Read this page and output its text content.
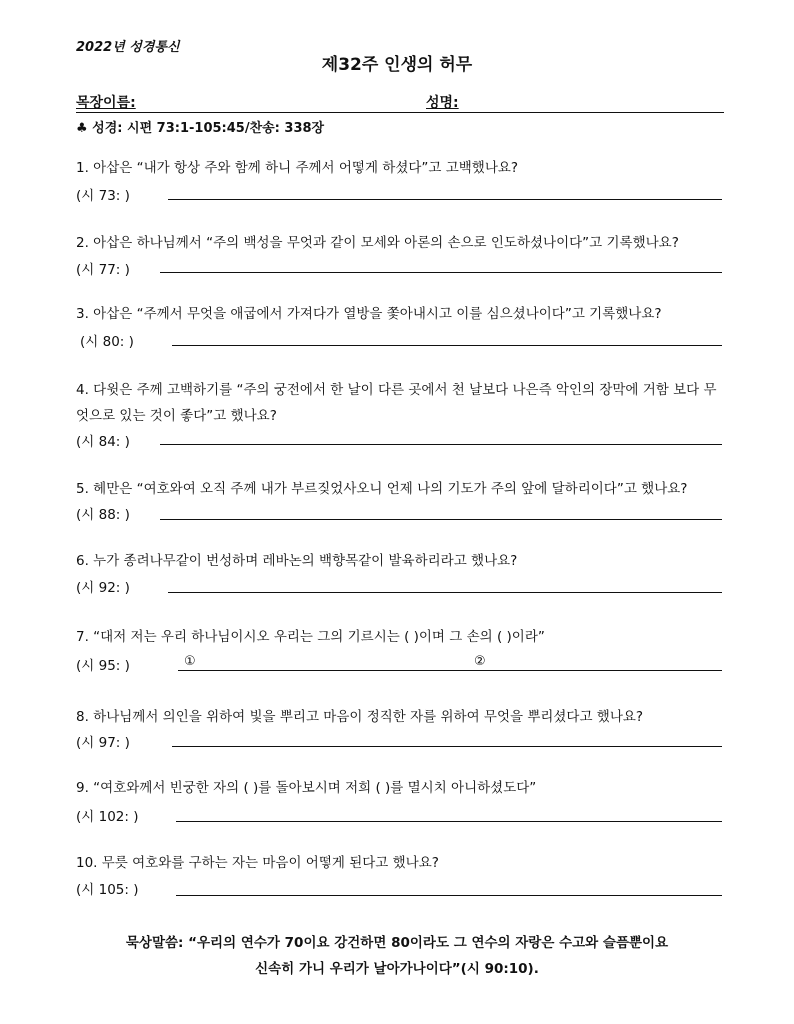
2022년 성경통신
제32주 인생의 허무
목장이름:	성명:
♣ 성경: 시편 73:1-105:45/찬송: 338장
1. 아삽은 “내가 항상 주와 함께 하니 주께서 어떻게 하셨다”고 고백했나요?
(시 73: )
2. 아삽은 하나님께서 “주의 백성을 무엇과 같이 모세와 아론의 손으로 인도하셨나이다”고 기록했나요?
(시 77: )
3. 아삽은 “주께서 무엇을 애굽에서 가져다가 열방을 쫓아내시고 이를 심으셨나이다”고 기록했나요?
(시 80: )
4. 다윗은 주께 고백하기를 “주의 궁전에서 한 날이 다른 곳에서 천 날보다 나은즉 악인의 장막에 거함 보다 무엇으로 있는 것이 좋다”고 했나요?
(시 84: )
5. 헤만은 “여호와여 오직 주께 내가 부르짖었사오니 언제 나의 기도가 주의 앞에 달하리이다”고 했나요?
(시 88: )
6. 누가 종려나무같이 번성하며 레바논의 백향목같이 발육하리라고 했나요?
(시 92: )
7. “대저 저는 우리 하나님이시오 우리는 그의 기르시는 ( )이며 그 손의 ( )이라”
(시 95: )	①	②
8. 하나님께서 의인을 위하여 빛을 뿌리고 마음이 정직한 자를 위하여 무엇을 뿌리셨다고 했나요?
(시 97: )
9. “여호와께서 빈궁한 자의 ( )를 돌아보시며 저희 ( )를 멸시치 아니하셨도다”
(시 102: )
10. 무릇 여호와를 구하는 자는 마음이 어떻게 된다고 했나요?
(시 105: )
묵상말씀: “우리의 연수가 70이요 강건하면 80이라도 그 연수의 자랑은 수고와 슬픔뿐이요
신속히 가니 우리가 날아가나이다”(시 90:10).
